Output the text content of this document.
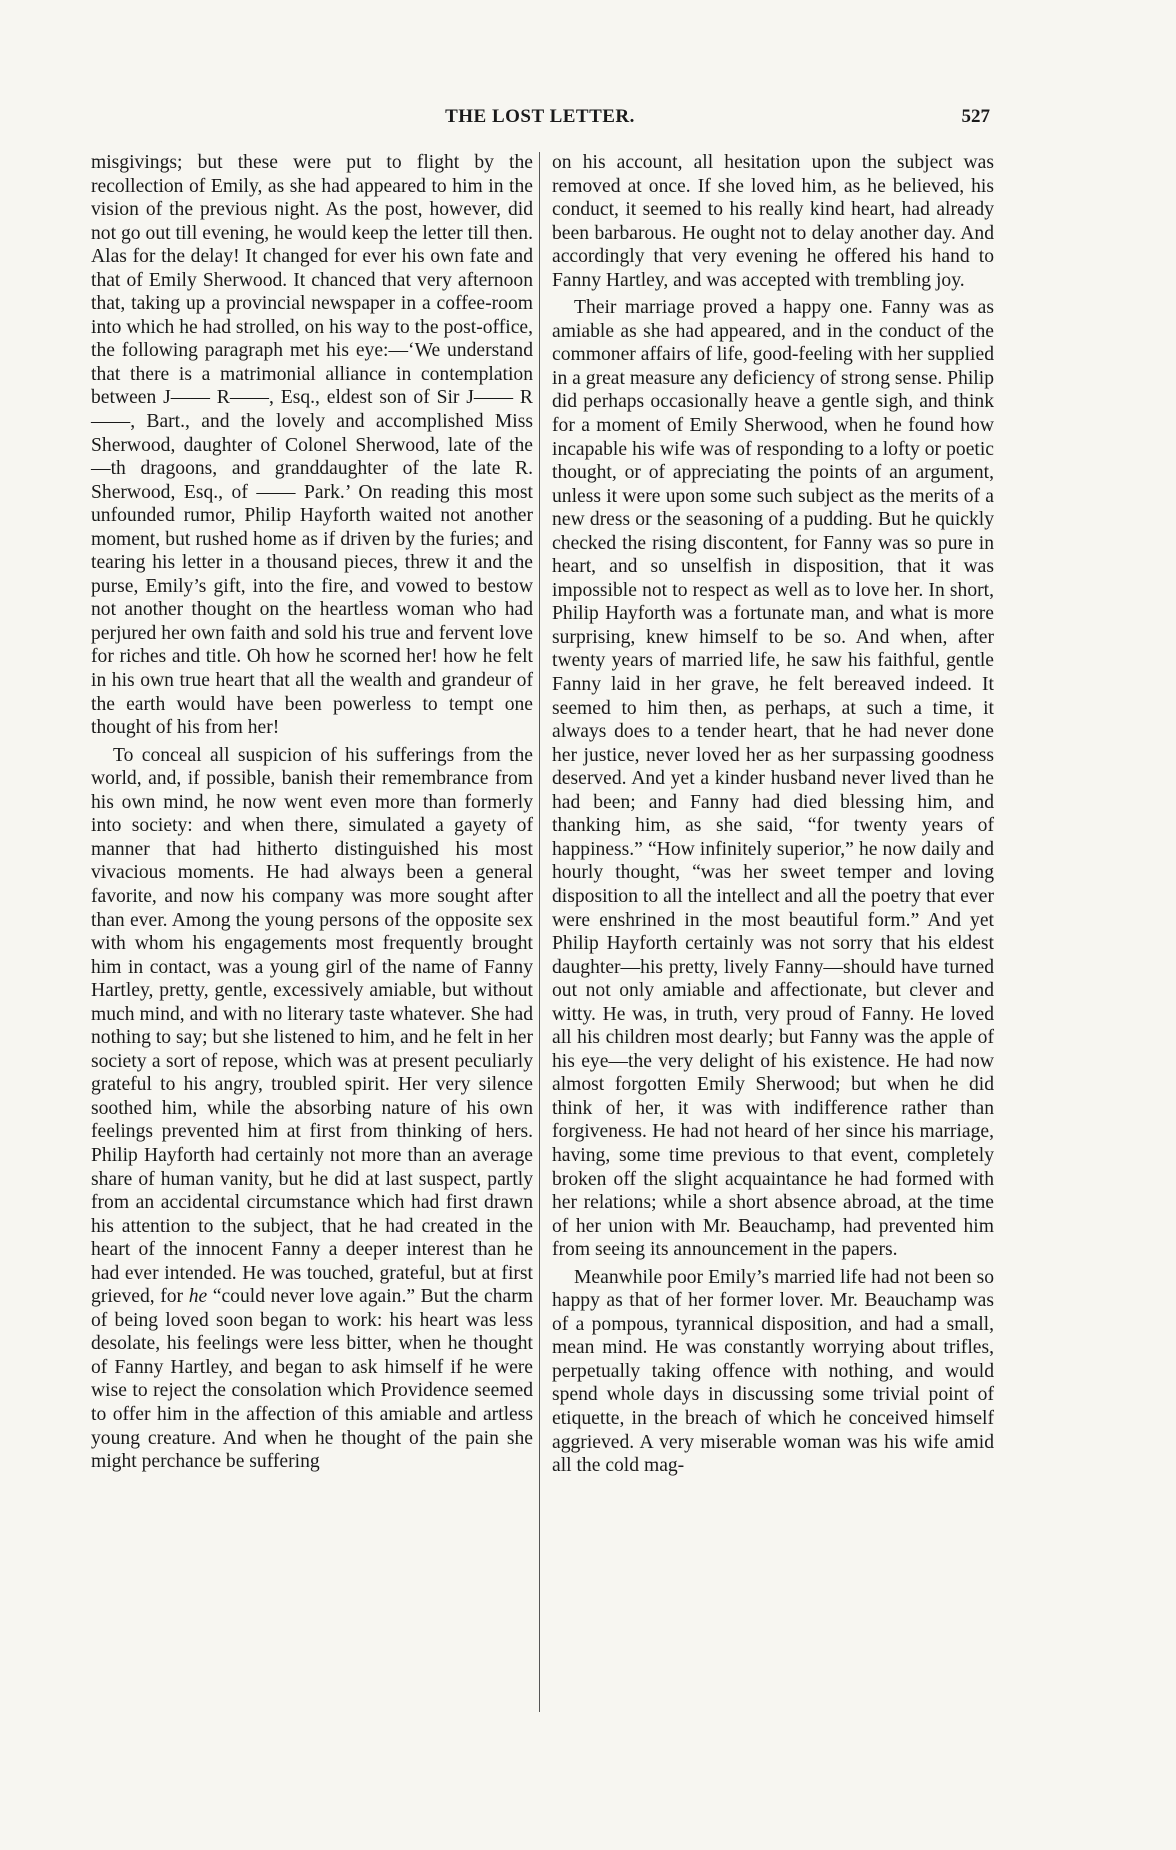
THE LOST LETTER.	527

misgivings; but these were put to flight by the recollection of Emily, as she had appeared to him in the vision of the previous night. As the post, however, did not go out till evening, he would keep the letter till then. Alas for the delay! It changed for ever his own fate and that of Emily Sherwood. It chanced that very afternoon that, taking up a provincial newspaper in a coffee-room into which he had strolled, on his way to the post-office, the following paragraph met his eye:—‘We understand that there is a matrimonial alliance in contemplation between J—— R——, Esq., eldest son of Sir J—— R——, Bart., and the lovely and accomplished Miss Sherwood, daughter of Colonel Sherwood, late of the —th dragoons, and granddaughter of the late R. Sherwood, Esq., of —— Park.’ On reading this most unfounded rumor, Philip Hayforth waited not another moment, but rushed home as if driven by the furies; and tearing his letter in a thousand pieces, threw it and the purse, Emily’s gift, into the fire, and vowed to bestow not another thought on the heartless woman who had perjured her own faith and sold his true and fervent love for riches and title. Oh how he scorned her! how he felt in his own true heart that all the wealth and grandeur of the earth would have been powerless to tempt one thought of his from her!

To conceal all suspicion of his sufferings from the world, and, if possible, banish their remembrance from his own mind, he now went even more than formerly into society: and when there, simulated a gayety of manner that had hitherto distinguished his most vivacious moments. He had always been a general favorite, and now his company was more sought after than ever. Among the young persons of the opposite sex with whom his engagements most frequently brought him in contact, was a young girl of the name of Fanny Hartley, pretty, gentle, excessively amiable, but without much mind, and with no literary taste whatever. She had nothing to say; but she listened to him, and he felt in her society a sort of repose, which was at present peculiarly grateful to his angry, troubled spirit. Her very silence soothed him, while the absorbing nature of his own feelings prevented him at first from thinking of hers. Philip Hayforth had certainly not more than an average share of human vanity, but he did at last suspect, partly from an accidental circumstance which had first drawn his attention to the subject, that he had created in the heart of the innocent Fanny a deeper interest than he had ever intended. He was touched, grateful, but at first grieved, for he “could never love again.” But the charm of being loved soon began to work: his heart was less desolate, his feelings were less bitter, when he thought of Fanny Hartley, and began to ask himself if he were wise to reject the consolation which Providence seemed to offer him in the affection of this amiable and artless young creature. And when he thought of the pain she might perchance be suffering

on his account, all hesitation upon the subject was removed at once. If she loved him, as he believed, his conduct, it seemed to his really kind heart, had already been barbarous. He ought not to delay another day. And accordingly that very evening he offered his hand to Fanny Hartley, and was accepted with trembling joy.

Their marriage proved a happy one. Fanny was as amiable as she had appeared, and in the conduct of the commoner affairs of life, good-feeling with her supplied in a great measure any deficiency of strong sense. Philip did perhaps occasionally heave a gentle sigh, and think for a moment of Emily Sherwood, when he found how incapable his wife was of responding to a lofty or poetic thought, or of appreciating the points of an argument, unless it were upon some such subject as the merits of a new dress or the seasoning of a pudding. But he quickly checked the rising discontent, for Fanny was so pure in heart, and so unselfish in disposition, that it was impossible not to respect as well as to love her. In short, Philip Hayforth was a fortunate man, and what is more surprising, knew himself to be so. And when, after twenty years of married life, he saw his faithful, gentle Fanny laid in her grave, he felt bereaved indeed. It seemed to him then, as perhaps, at such a time, it always does to a tender heart, that he had never done her justice, never loved her as her surpassing goodness deserved. And yet a kinder husband never lived than he had been; and Fanny had died blessing him, and thanking him, as she said, “for twenty years of happiness.” “How infinitely superior,” he now daily and hourly thought, “was her sweet temper and loving disposition to all the intellect and all the poetry that ever were enshrined in the most beautiful form.” And yet Philip Hayforth certainly was not sorry that his eldest daughter—his pretty, lively Fanny—should have turned out not only amiable and affectionate, but clever and witty. He was, in truth, very proud of Fanny. He loved all his children most dearly; but Fanny was the apple of his eye—the very delight of his existence. He had now almost forgotten Emily Sherwood; but when he did think of her, it was with indifference rather than forgiveness. He had not heard of her since his marriage, having, some time previous to that event, completely broken off the slight acquaintance he had formed with her relations; while a short absence abroad, at the time of her union with Mr. Beauchamp, had prevented him from seeing its announcement in the papers.

Meanwhile poor Emily’s married life had not been so happy as that of her former lover. Mr. Beauchamp was of a pompous, tyrannical disposition, and had a small, mean mind. He was constantly worrying about trifles, perpetually taking offence with nothing, and would spend whole days in discussing some trivial point of etiquette, in the breach of which he conceived himself aggrieved. A very miserable woman was his wife amid all the cold mag-
